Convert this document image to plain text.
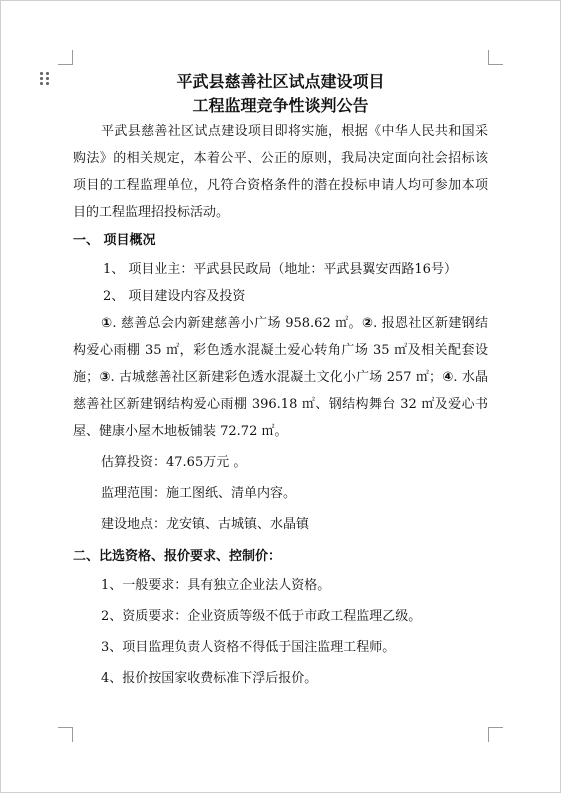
平武县慈善社区试点建设项目

工程监理竞争性谈判公告

平武县慈善社区试点建设项目即将实施，根据《中华人民共和国采购法》的相关规定，本着公平、公正的原则，我局决定面向社会招标该项目的工程监理单位，凡符合资格条件的潜在投标申请人均可参加本项目的工程监理招投标活动。

一、 项目概况

1、 项目业主：平武县民政局（地址：平武县翼安西路16号）

2、 项目建设内容及投资

①. 慈善总会内新建慈善小广场 958.62 ㎡。②. 报恩社区新建钢结构爱心雨棚 35 ㎡，彩色透水混凝土爱心转角广场 35 ㎡及相关配套设施；③. 古城慈善社区新建彩色透水混凝土文化小广场 257 ㎡；④. 水晶慈善社区新建钢结构爱心雨棚 396.18 ㎡、钢结构舞台 32 ㎡及爱心书屋、健康小屋木地板铺装 72.72 ㎡。

估算投资：47.65万元 。

监理范围：施工图纸、清单内容。

建设地点：龙安镇、古城镇、水晶镇

二、比选资格、报价要求、控制价：

1、一般要求：具有独立企业法人资格。

2、资质要求：企业资质等级不低于市政工程监理乙级。

3、项目监理负责人资格不得低于国注监理工程师。

4、报价按国家收费标准下浮后报价。
